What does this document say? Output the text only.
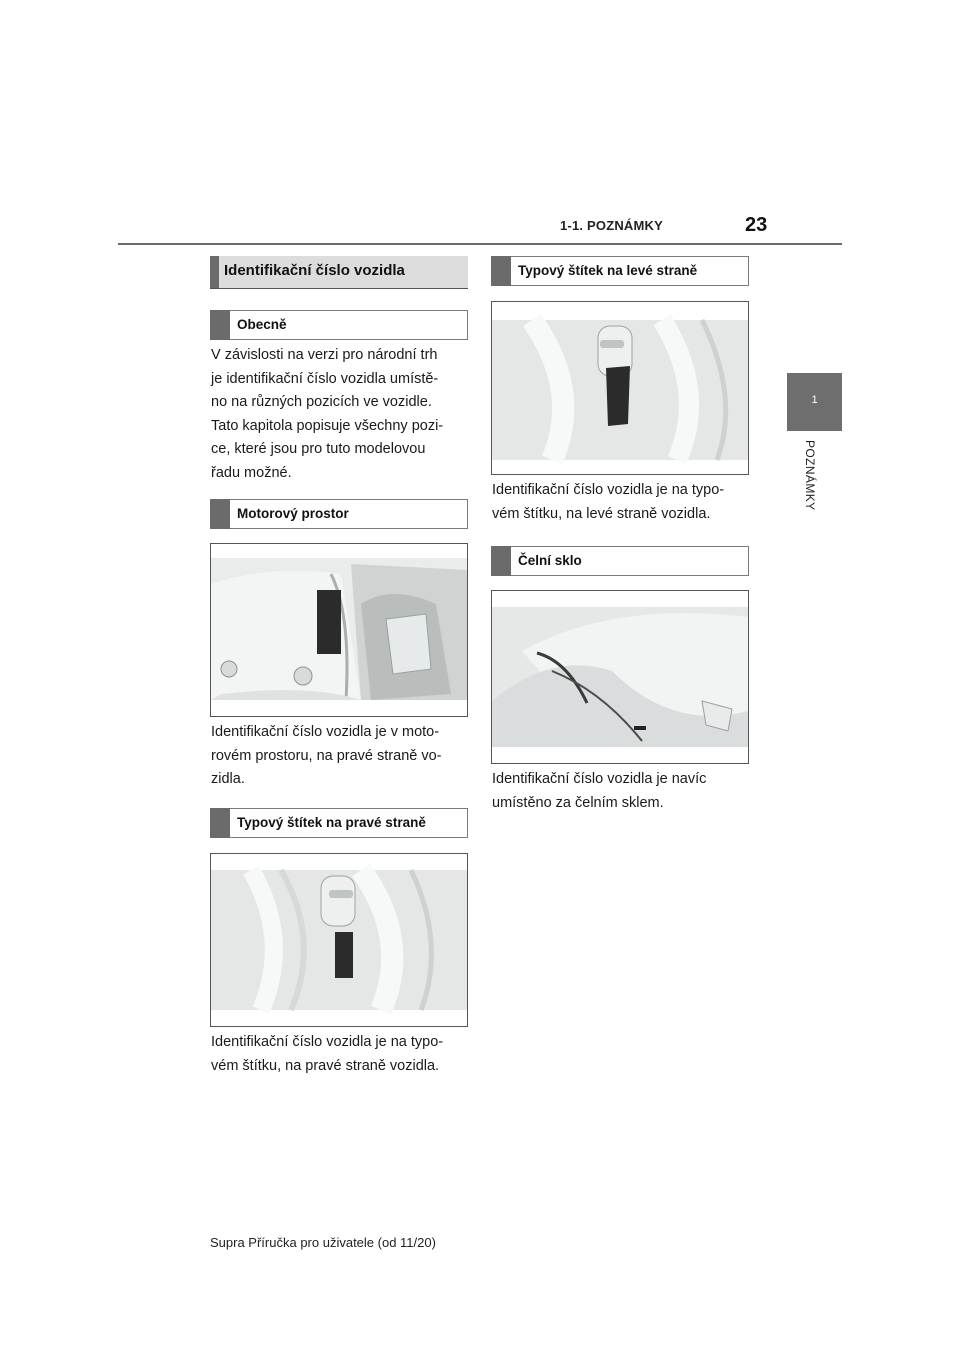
1-1. POZNÁMKY	23
1
POZNÁMKY
Identifikační číslo vozidla
Obecně
V závislosti na verzi pro národní trh
je identifikační číslo vozidla umístě-
no na různých pozicích ve vozidle.
Tato kapitola popisuje všechny pozi-
ce, které jsou pro tuto modelovou
řadu možné.
Motorový prostor
Identifikační číslo vozidla je v moto-
rovém prostoru, na pravé straně vo-
zidla.
Typový štítek na pravé straně
Identifikační číslo vozidla je na typo-
vém štítku, na pravé straně vozidla.
Typový štítek na levé straně
Identifikační číslo vozidla je na typo-
vém štítku, na levé straně vozidla.
Čelní sklo
Identifikační číslo vozidla je navíc
umístěno za čelním sklem.
Supra Příručka pro uživatele (od 11/20)
